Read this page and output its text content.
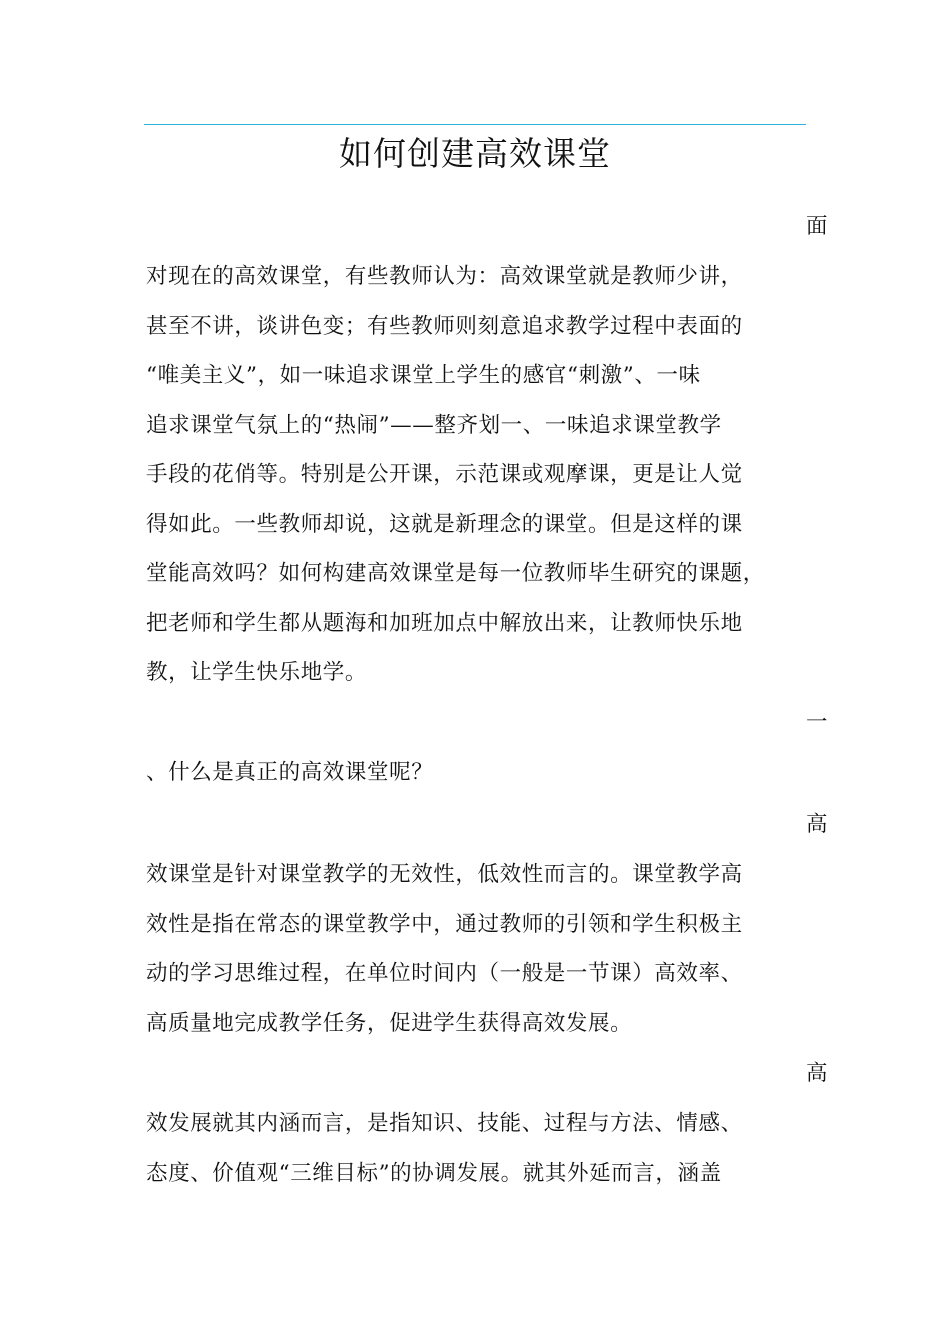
如何创建高效课堂
面
对现在的高效课堂，有些教师认为：高效课堂就是教师少讲，
甚至不讲，谈讲色变；有些教师则刻意追求教学过程中表面的
“唯美主义”，如一味追求课堂上学生的感官“刺激”、一味
追求课堂气氛上的“热闹”——整齐划一、一味追求课堂教学
手段的花俏等。特别是公开课，示范课或观摩课，更是让人觉
得如此。一些教师却说，这就是新理念的课堂。但是这样的课
堂能高效吗？如何构建高效课堂是每一位教师毕生研究的课题，
把老师和学生都从题海和加班加点中解放出来，让教师快乐地
教，让学生快乐地学。
一
、什么是真正的高效课堂呢？
高
效课堂是针对课堂教学的无效性，低效性而言的。课堂教学高
效性是指在常态的课堂教学中，通过教师的引领和学生积极主
动的学习思维过程，在单位时间内（一般是一节课）高效率、
高质量地完成教学任务，促进学生获得高效发展。
高
效发展就其内涵而言，是指知识、技能、过程与方法、情感、
态度、价值观“三维目标”的协调发展。就其外延而言，涵盖
